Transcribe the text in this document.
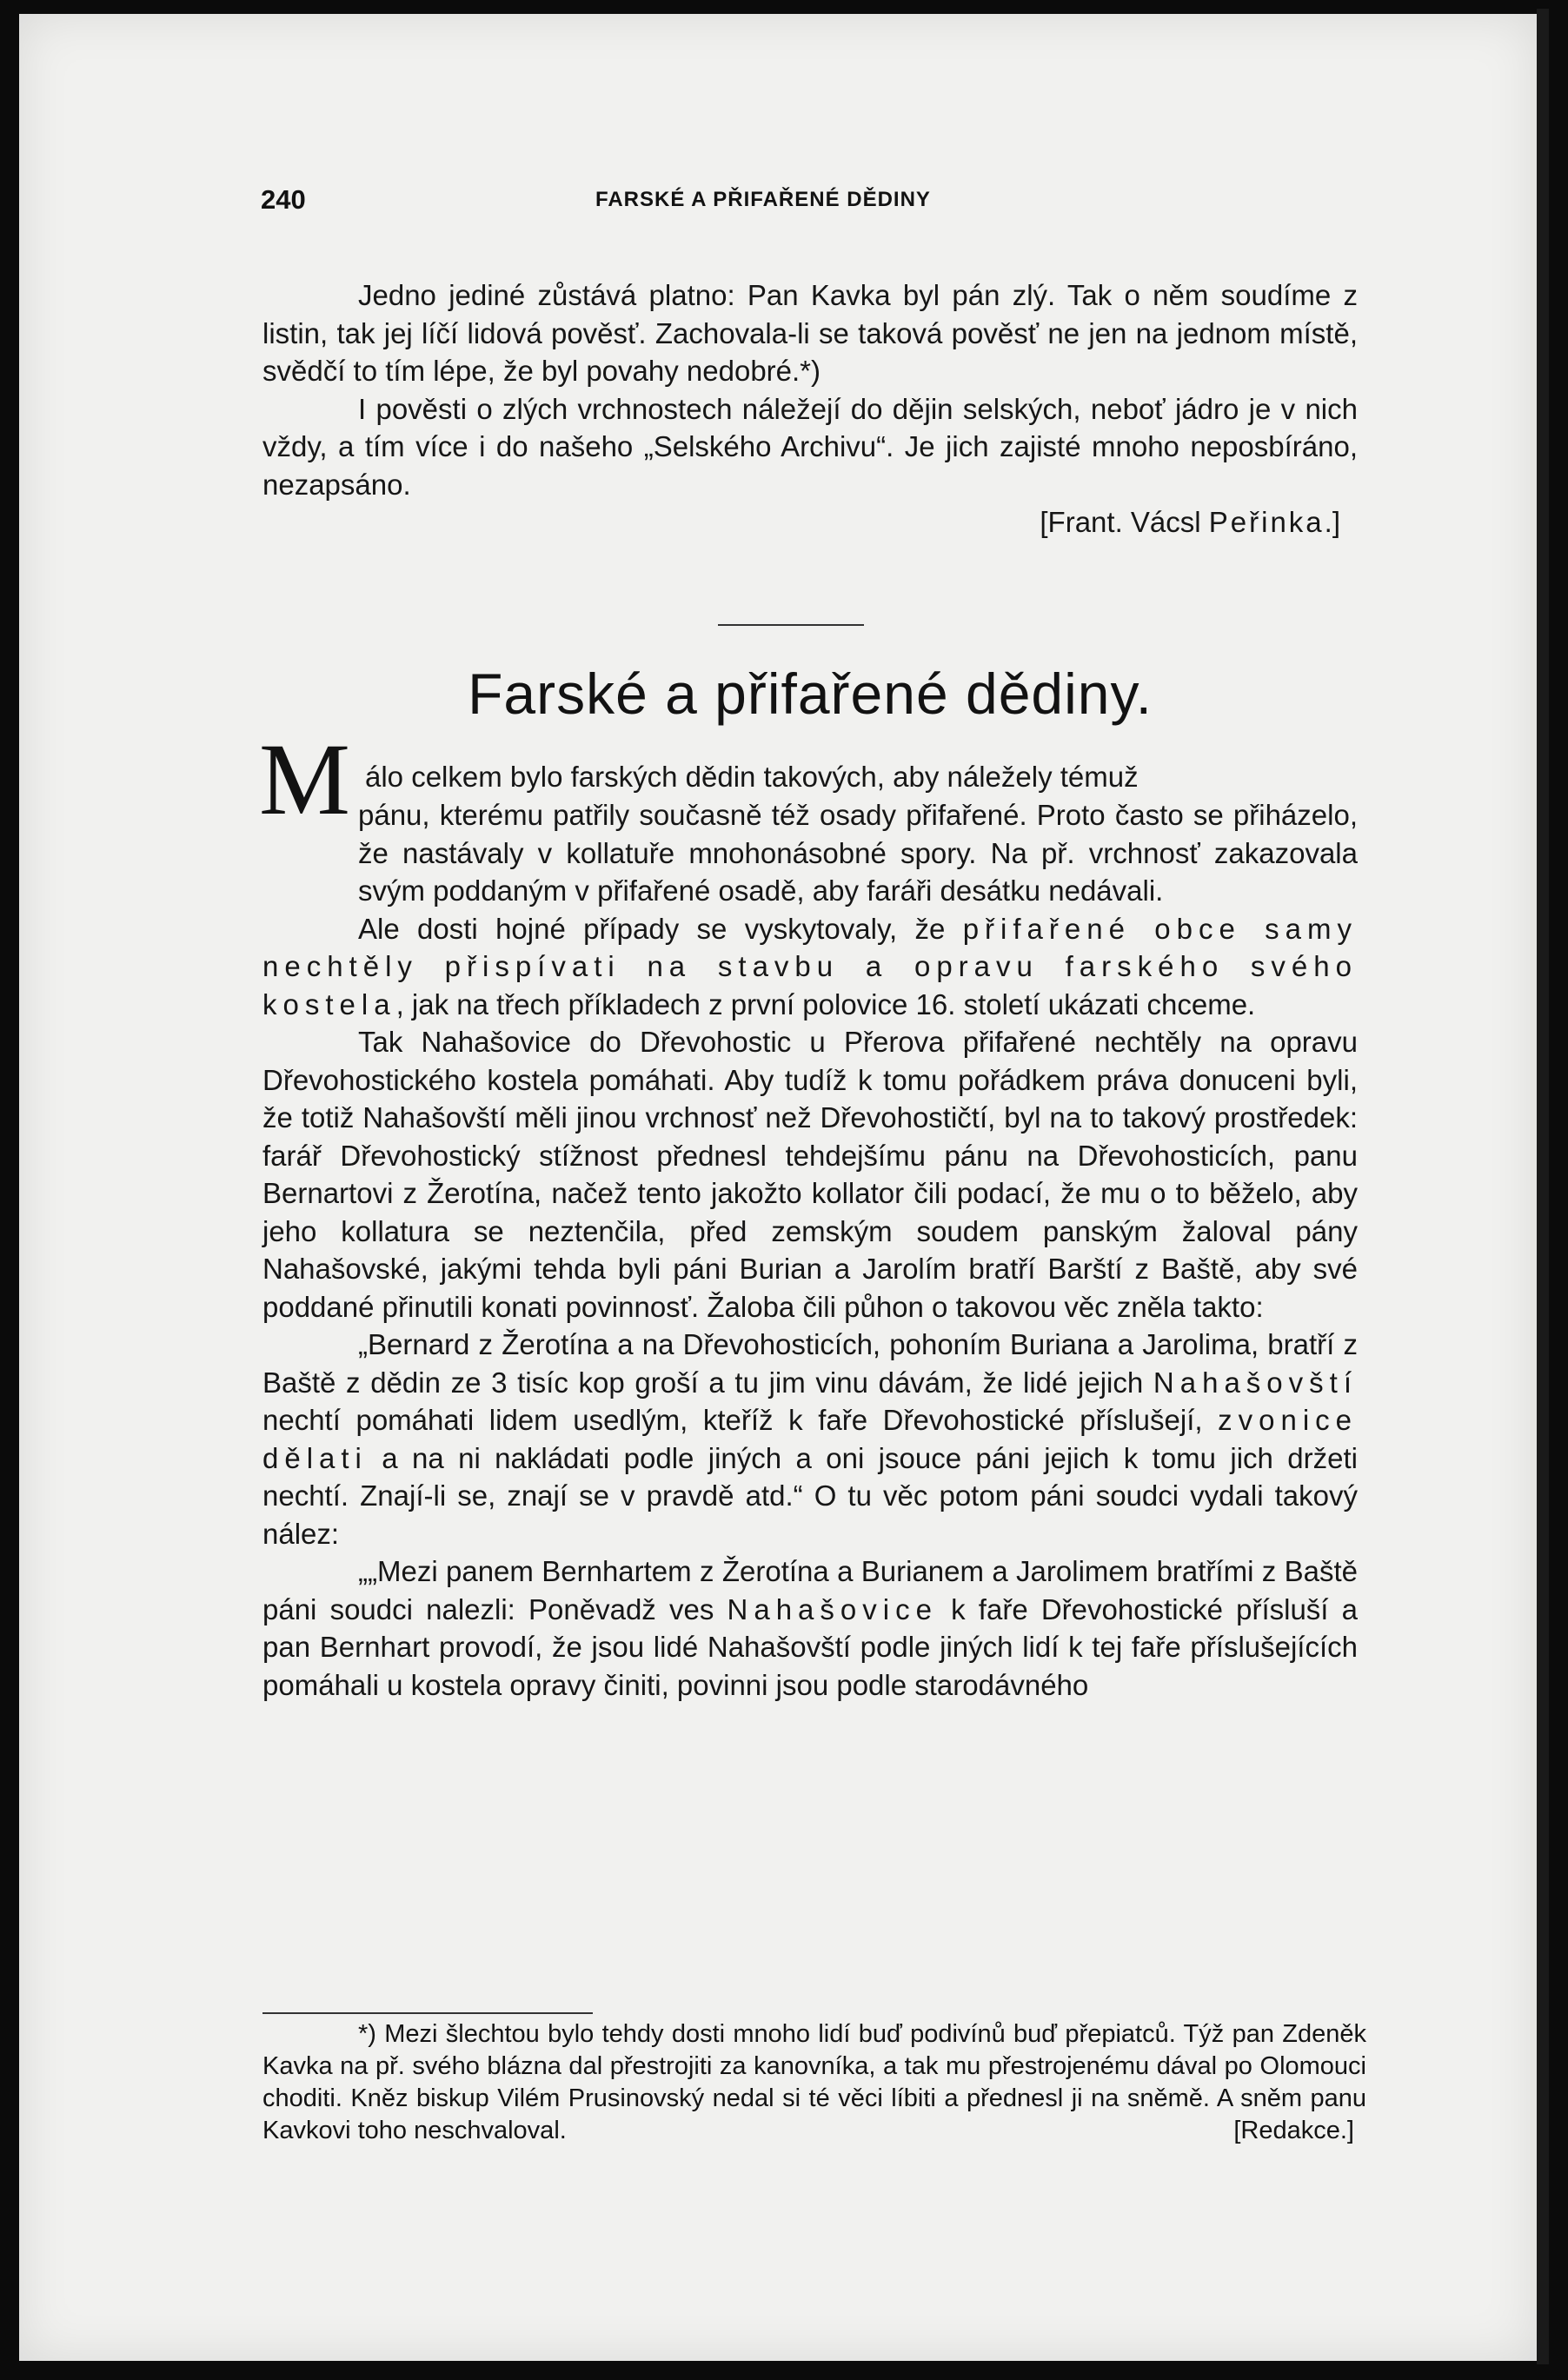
240	FARSKÉ A PŘIFAŘENÉ DĚDINY

Jedno jediné zůstává platno: Pan Kavka byl pán zlý. Tak o něm soudíme z listin, tak jej líčí lidová pověsť. Zachovala-li se taková pověsť ne jen na jednom místě, svědčí to tím lépe, že byl povahy nedobré.*)

I pověsti o zlých vrchnostech náležejí do dějin selských, neboť jádro je v nich vždy, a tím více i do našeho „Selského Archivu“. Je jich zajisté mnoho neposbíráno, nezapsáno.

[Frant. Vácsl Peřinka.]

Farské a přifařené dědiny.
M álo celkem bylo farských dědin takových, aby náležely témuž

pánu, kterému patřily současně též osady přifařené. Proto často se přiházelo, že nastávaly v kollatuře mnohonásobné spory. Na př. vrchnosť zakazovala svým poddaným v přifařené osadě, aby faráři desátku nedávali.

Ale dosti hojné případy se vyskytovaly, že přifařené obce samy nechtěly přispívati na stavbu a opravu farského svého kostela, jak na třech příkladech z první polovice 16. století ukázati chceme.

Tak Nahašovice do Dřevohostic u Přerova přifařené nechtěly na opravu Dřevohostického kostela pomáhati. Aby tudíž k tomu pořádkem práva donuceni byli, že totiž Nahašovští měli jinou vrchnosť než Dřevohostičtí, byl na to takový prostředek: farář Dřevohostický stížnost přednesl tehdejšímu pánu na Dřevohosticích, panu Bernartovi z Žerotína, načež tento jakožto kollator čili podací, že mu o to běželo, aby jeho kollatura se neztenčila, před zemským soudem panským žaloval pány Nahašovské, jakými tehda byli páni Burian a Jarolím bratří Barští z Baště, aby své poddané přinutili konati povinnosť. Žaloba čili půhon o takovou věc zněla takto:

„Bernard z Žerotína a na Dřevohosticích, pohoním Buriana a Jarolima, bratří z Baště z dědin ze 3 tisíc kop groší a tu jim vinu dávám, že lidé jejich Nahašovští nechtí pomáhati lidem usedlým, kteříž k faře Dřevohostické příslušejí, zvonice dělati a na ni nakládati podle jiných a oni jsouce páni jejich k tomu jich držeti nechtí. Znají-li se, znají se v pravdě atd.“ O tu věc potom páni soudci vydali takový nález:

„„Mezi panem Bernhartem z Žerotína a Burianem a Jarolimem bratřími z Baště páni soudci nalezli: Poněvadž ves Nahašovice k faře Dřevohostické přísluší a pan Bernhart provodí, že jsou lidé Nahašovští podle jiných lidí k tej faře příslušejících pomáhali u kostela opravy činiti, povinni jsou podle starodávného

*) Mezi šlechtou bylo tehdy dosti mnoho lidí buď podivínů buď přepiatců. Týž pan Zdeněk Kavka na př. svého blázna dal přestrojiti za kanovníka, a tak mu přestrojenému dával po Olomouci choditi. Kněz biskup Vilém Prusinovský nedal si té věci líbiti a přednesl ji na sněmě. A sněm panu Kavkovi toho neschvaloval.	[Redakce.]
